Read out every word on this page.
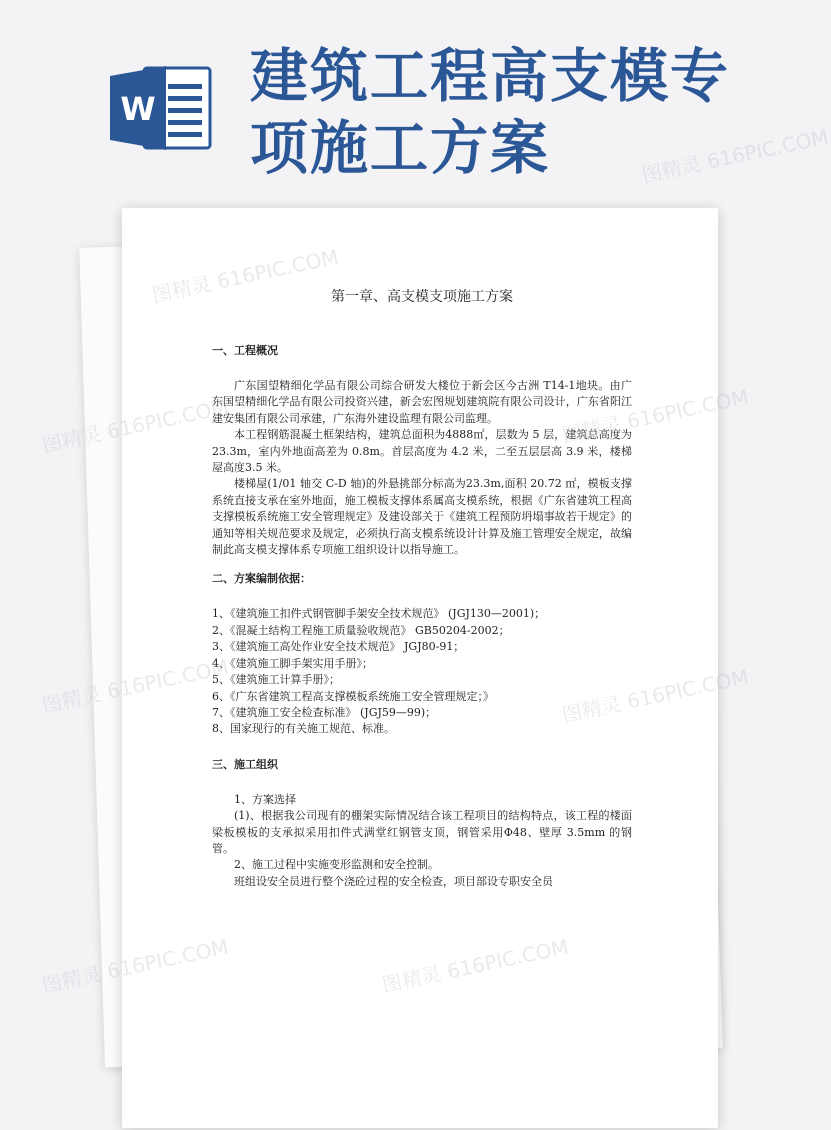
W 建筑工程高支模专
项施工方案
第一章、高支模支项施工方案
一、工程概况

广东国望精细化学品有限公司综合研发大楼位于新会区今古洲 T14-1地块。由广东国望精细化学品有限公司投资兴建，新会宏图规划建筑院有限公司设计，广东省阳江建安集团有限公司承建，广东海外建设监理有限公司监理。

本工程钢筋混凝土框架结构，建筑总面积为4888㎡，层数为 5 层，建筑总高度为 23.3m，室内外地面高差为 0.8m。首层高度为 4.2 米，二至五层层高 3.9 米，楼梯屋高度3.5 米。

楼梯屋(1/01 轴交 C-D 轴)的外悬挑部分标高为23.3m,面积 20.72 ㎡，模板支撑系统直接支承在室外地面，施工模板支撑体系属高支模系统，根据《广东省建筑工程高支撑模板系统施工安全管理规定》及建设部关于《建筑工程预防坍塌事故若干规定》的通知等相关规范要求及规定，必须执行高支模系统设计计算及施工管理安全规定，故编制此高支模支撑体系专项施工组织设计以指导施工。

二、方案编制依据：
1、《建筑施工扣件式钢管脚手架安全技术规范》 (JGJ130—2001)；
2、《混凝土结构工程施工质量验收规范》 GB50204-2002；
3、《建筑施工高处作业安全技术规范》 JGJ80-91；
4、《建筑施工脚手架实用手册》；
5、《建筑施工计算手册》；
6、《广东省建筑工程高支撑模板系统施工安全管理规定；》
7、《建筑施工安全检查标准》 (JGJ59—99)；
8、国家现行的有关施工规范、标准。
三、施工组织

1、方案选择

(1)、根据我公司现有的棚架实际情况结合该工程项目的结构特点，该工程的楼面梁板模板的支承拟采用扣件式满堂红钢管支顶，钢管采用Φ48、壁厚 3.5mm 的钢管。

2、施工过程中实施变形监测和安全控制。

班组设安全员进行整个浇砼过程的安全检查，项目部设专职安全员

图精灵 616PIC.COM
图精灵 616PIC.COM
图精灵 616PIC.COM	图精灵 616PIC.COM
图精灵 616PIC.COM	图精灵 616PIC.COM
图精灵 616PIC.COM	图精灵 616PIC.COM
